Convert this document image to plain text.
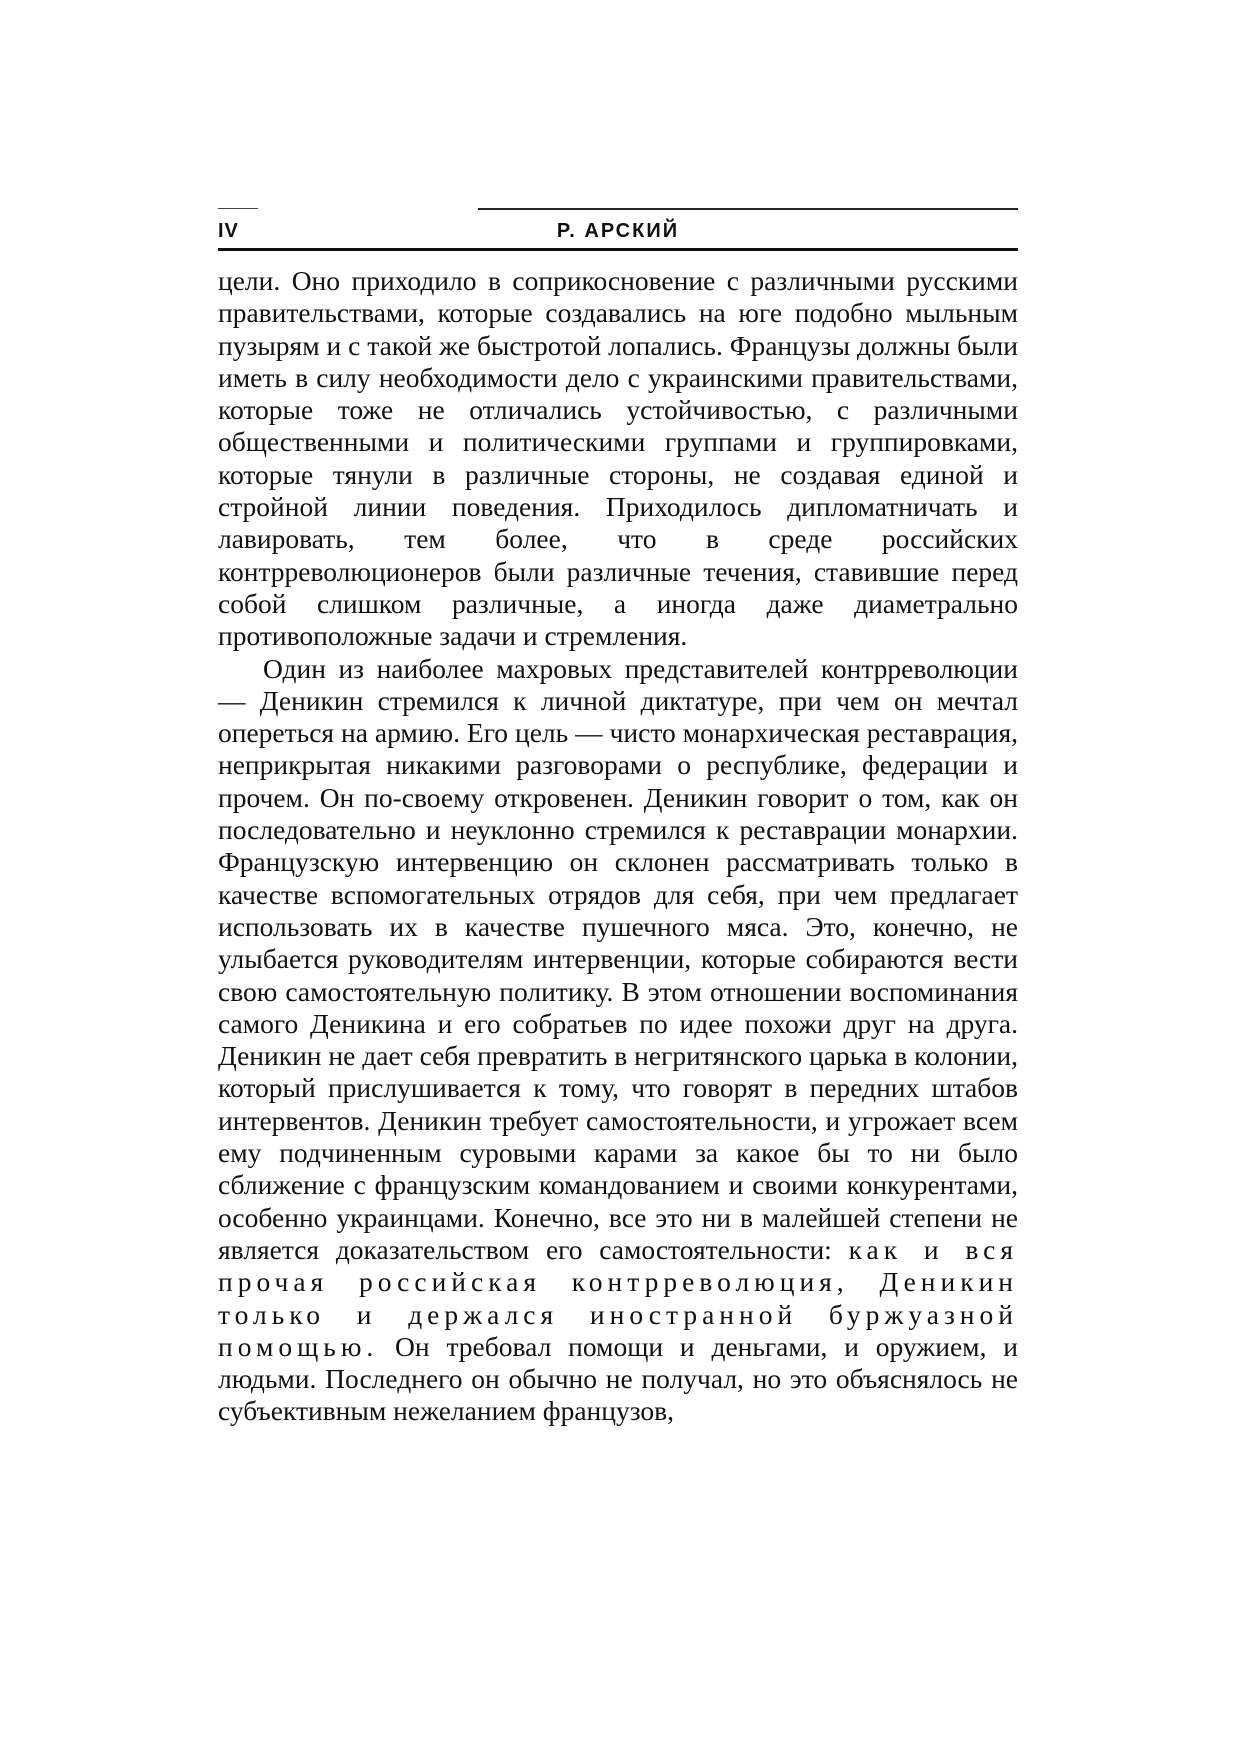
IV	Р. АРСКИЙ

цели. Оно приходило в соприкосновение с различными русскими правительствами, которые создавались на юге подобно мыльным пузырям и с такой же быстротой лопались. Французы должны были иметь в силу необходимости дело с украинскими правительствами, которые тоже не отличались устойчивостью, с различными общественными и политическими группами и группировками, которые тянули в различные стороны, не создавая единой и стройной линии поведения. Приходилось дипломатничать и лавировать, тем более, что в среде российских контрреволюционеров были различные течения, ставившие перед собой слишком различные, а иногда даже диаметрально противоположные задачи и стремления.

Один из наиболее махровых представителей контрреволюции — Деникин стремился к личной диктатуре, при чем он мечтал опереться на армию. Его цель — чисто монархическая реставрация, неприкрытая никакими разговорами о республике, федерации и прочем. Он по-своему откровенен. Деникин говорит о том, как он последовательно и неуклонно стремился к реставрации монархии. Французскую интервенцию он склонен рассматривать только в качестве вспомогательных отрядов для себя, при чем предлагает использовать их в качестве пушечного мяса. Это, конечно, не улыбается руководителям интервенции, которые собираются вести свою самостоятельную политику. В этом отношении воспоминания самого Деникина и его собратьев по идее похожи друг на друга. Деникин не дает себя превратить в негритянского царька в колонии, который прислушивается к тому, что говорят в передних штабов интервентов. Деникин требует самостоятельности, и угрожает всем ему подчиненным суровыми карами за какое бы то ни было сближение с французским командованием и своими конкурентами, особенно украинцами. Конечно, все это ни в малейшей степени не является доказательством его самостоятельности: как и вся прочая российская контрреволюция, Деникин только и держался иностранной буржуазной помощью. Он требовал помощи и деньгами, и оружием, и людьми. Последнего он обычно не получал, но это объяснялось не субъективным нежеланием французов,
